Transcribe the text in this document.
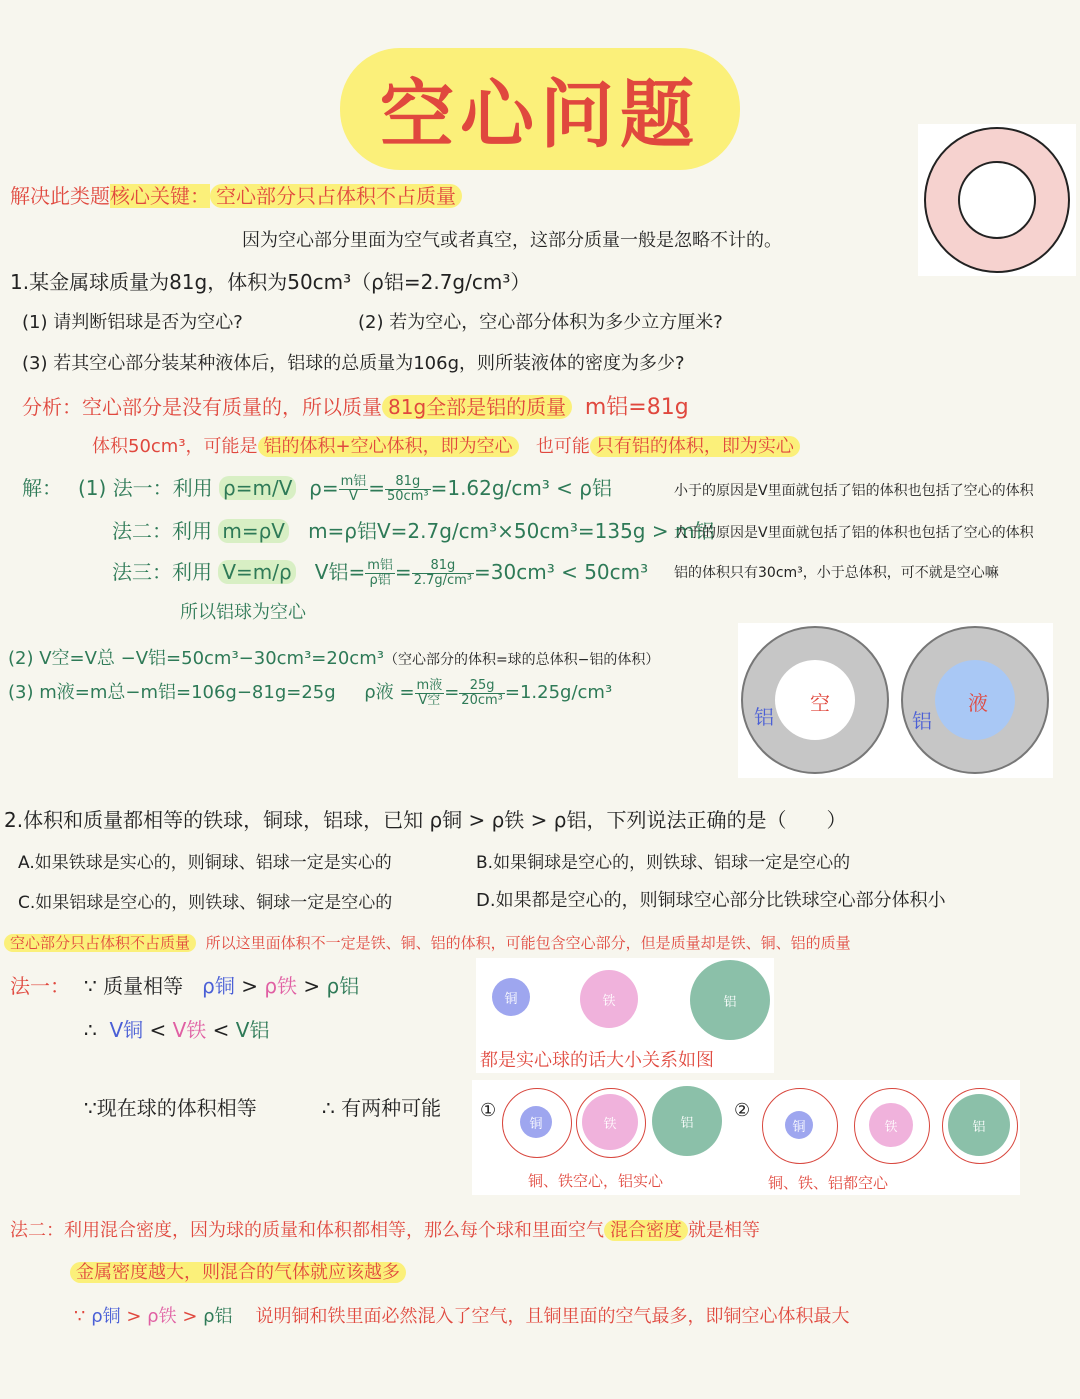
空心问题
解决此类题核心关键： 空心部分只占体积不占质量
因为空心部分里面为空气或者真空，这部分质量一般是忽略不计的。
1.某金属球质量为81g，体积为50cm³（ρ铝=2.7g/cm³）
(1) 请判断铝球是否为空心?	(2) 若为空心，空心部分体积为多少立方厘米?
(3) 若其空心部分装某种液体后，铝球的总质量为106g，则所装液体的密度为多少?
分析：空心部分是没有质量的，所以质量 81g全部是铝的质量 m铝=81g
体积50cm³，可能是 铝的体积+空心体积，即为空心 也可能 只有铝的体积，即为实心
解： (1) 法一：利用 ρ=m/V $\rho= \frac{\text{m铝}}{V} = \frac{81g}{\text{50cm³}} =1.62g/cm^3 < \rho$铝	小于的原因是V里面就包括了铝的体积也包括了空心的体积
法二：利用 m=ρV m=ρ铝V=2.7g/cm³×50cm³=135g > m铝
大于的原因是V里面就包括了铝的体积也包括了空心的体积
法三：利用 V=m/ρ V铝= $\frac{\text{m铝}}{\text{ρ铝}} = \frac{81g}{\text{2.7g/cm³}} =30cm^3 < 50cm^3$ 铝的体积只有30cm³，小于总体积，可不就是空心嘛
所以铝球为空心
(2) V空=V总 −V铝=50cm³−30cm³=20cm³（空心部分的体积=球的总体积−铝的体积）
(3) m液=m总−m铝=106g−81g=25g ρ液 = $\frac{\text{m液}}{\text{V空}} = \frac{25g}{\text{20cm³}} =1.25g/cm^3$
铝
空
铝
液
2.体积和质量都相等的铁球，铜球，铝球，已知 ρ铜 > ρ铁 > ρ铝，下列说法正确的是（　　）
A.如果铁球是实心的，则铜球、铝球一定是实心的	B.如果铜球是空心的，则铁球、铝球一定是空心的
C.如果铝球是空心的，则铁球、铜球一定是空心的	D.如果都是空心的，则铜球空心部分比铁球空心部分体积小
空心部分只占体积不占质量 所以这里面体积不一定是铁、铜、铝的体积，可能包含空心部分，但是质量却是铁、铜、铝的质量
法一： ∵ 质量相等 ρ铜 > ρ铁 > ρ铝
∴ V铜 < V铁 < V铝
铜	铁	铝
都是实心球的话大小关系如图
∵现在球的体积相等	∴ 有两种可能 ①
铜	铁	铝
铜、铁空心，铝实心
②
铜	铁	铝
铜、铁、铝都空心
法二：利用混合密度，因为球的质量和体积都相等，那么每个球和里面空气 混合密度 就是相等
金属密度越大，则混合的气体就应该越多
∵ ρ铜 > ρ铁 > ρ铝 说明铜和铁里面必然混入了空气，且铜里面的空气最多，即铜空心体积最大
